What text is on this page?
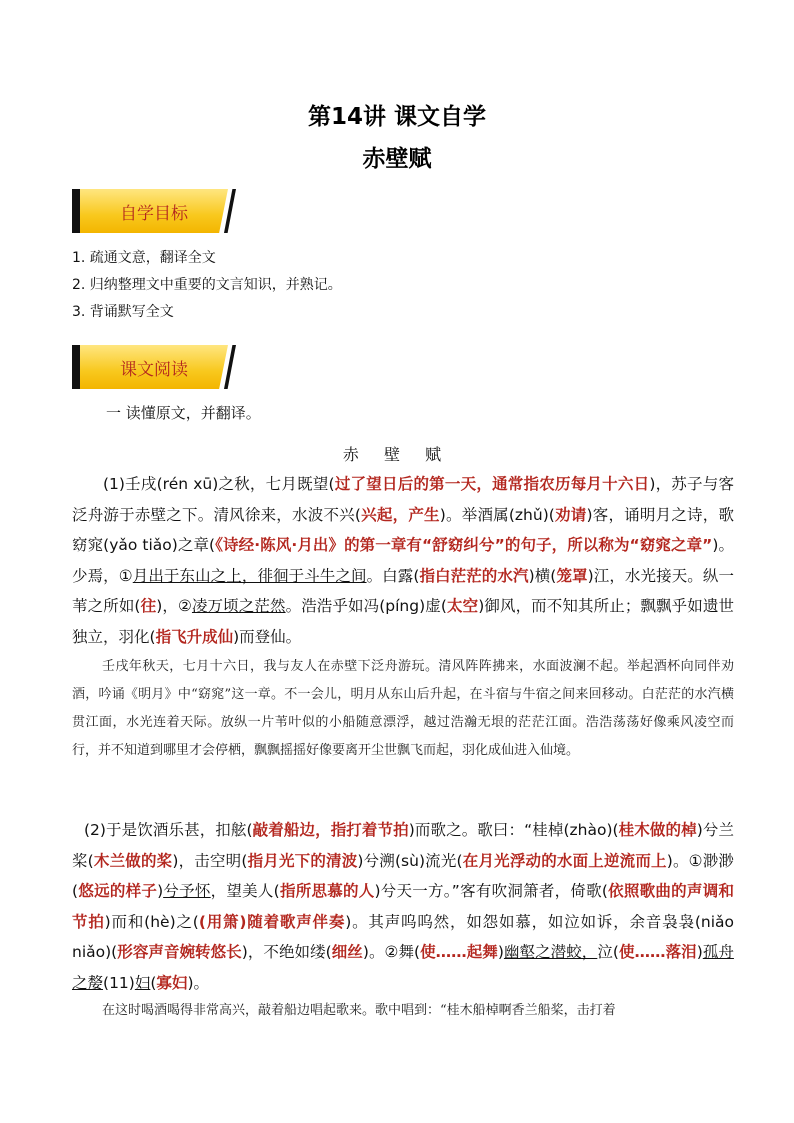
第14讲 课文自学
赤壁赋
自学目标
1. 疏通文意，翻译全文
2. 归纳整理文中重要的文言知识，并熟记。
3. 背诵默写全文
课文阅读
一 读懂原文，并翻译。
赤 壁 赋
(1)壬戌(rén xū)之秋，七月既望(过了望日后的第一天，通常指农历每月十六日)，苏子与客泛舟游于赤壁之下。清风徐来，水波不兴(兴起，产生)。举酒属(zhǔ)(劝请)客，诵明月之诗，歌窈窕(yǎo tiǎo)之章(《诗经·陈风·月出》的第一章有“舒窈纠兮”的句子，所以称为“窈窕之章”)。少焉，①月出于东山之上，徘徊于斗牛之间。白露(指白茫茫的水汽)横(笼罩)江，水光接天。纵一苇之所如(往)，②凌万顷之茫然。浩浩乎如冯(píng)虚(太空)御风，而不知其所止；飘飘乎如遗世独立，羽化(指飞升成仙)而登仙。
壬戌年秋天，七月十六日，我与友人在赤壁下泛舟游玩。清风阵阵拂来，水面波澜不起。举起酒杯向同伴劝酒，吟诵《明月》中“窈窕”这一章。不一会儿，明月从东山后升起，在斗宿与牛宿之间来回移动。白茫茫的水汽横贯江面，水光连着天际。放纵一片苇叶似的小船随意漂浮，越过浩瀚无垠的茫茫江面。浩浩荡荡好像乘风凌空而行，并不知道到哪里才会停栖，飘飘摇摇好像要离开尘世飘飞而起，羽化成仙进入仙境。
(2)于是饮酒乐甚，扣舷(敲着船边，指打着节拍)而歌之。歌曰：“桂棹(zhào)(桂木做的棹)兮兰桨(木兰做的桨)，击空明(指月光下的清波)兮溯(sù)流光(在月光浮动的水面上逆流而上)。①渺渺(悠远的样子)兮予怀，望美人(指所思慕的人)兮天一方。”客有吹洞箫者，倚歌(依照歌曲的声调和节拍)而和(hè)之((用箫)随着歌声伴奏)。其声呜呜然，如怨如慕，如泣如诉，余音袅袅(niǎo niǎo)(形容声音婉转悠长)，不绝如缕(细丝)。②舞(使……起舞)幽壑之潜蛟，泣(使……落泪)孤舟之嫠(11)妇(寡妇)。
在这时喝酒喝得非常高兴，敲着船边唱起歌来。歌中唱到：“桂木船棹啊香兰船桨，击打着
